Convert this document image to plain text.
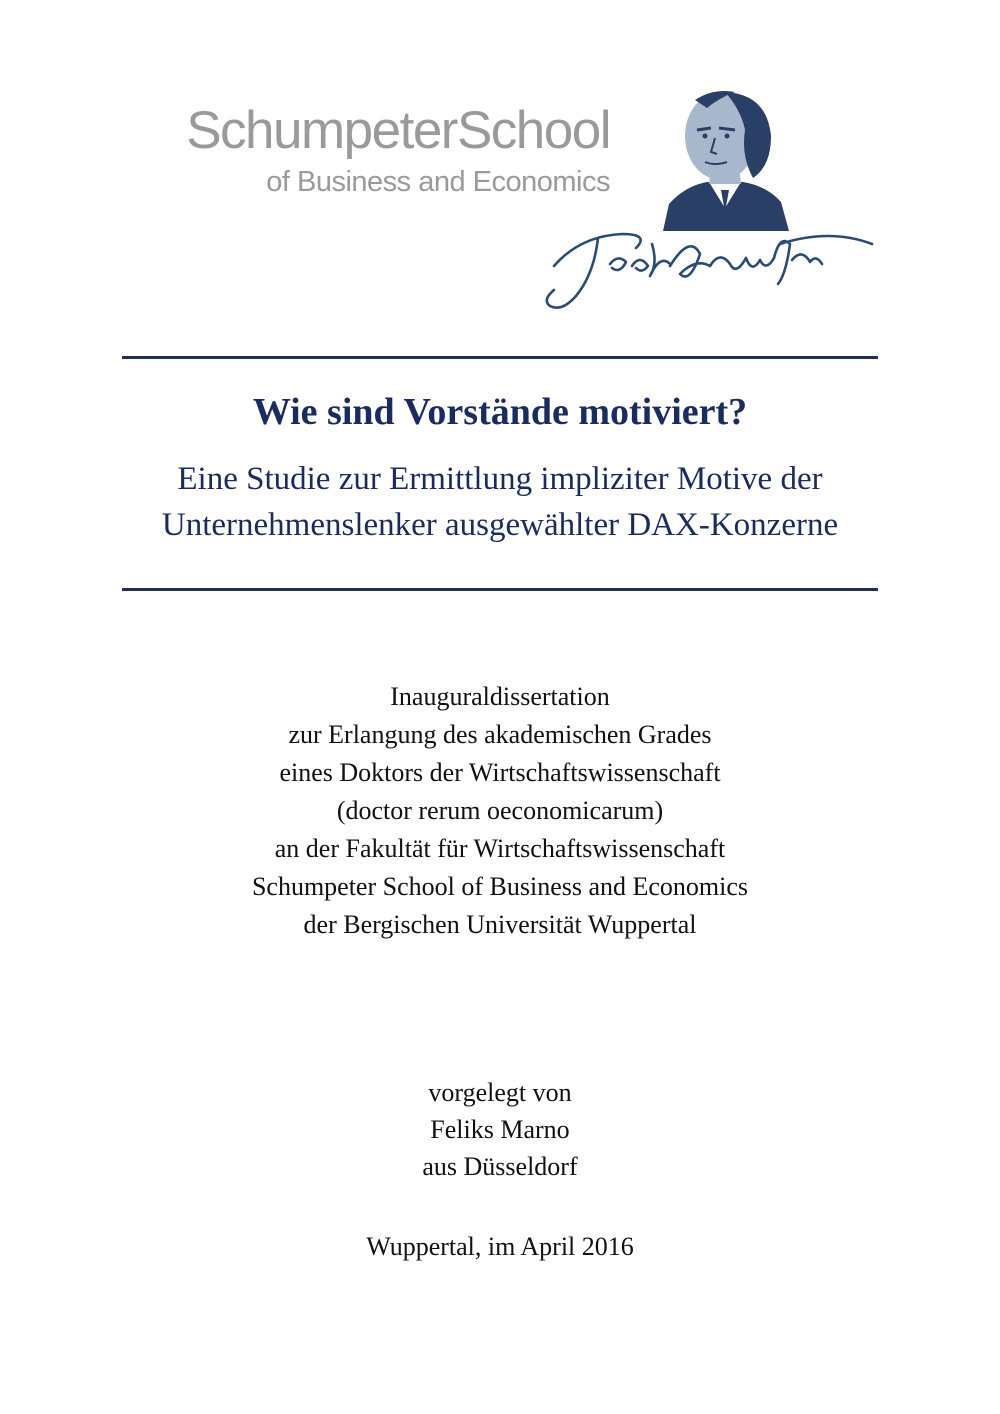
SchumpeterSchool
of Business and Economics
Wie sind Vorstände motiviert?
Eine Studie zur Ermittlung impliziter Motive der
Unternehmenslenker ausgewählter DAX-Konzerne
Inauguraldissertation
zur Erlangung des akademischen Grades
eines Doktors der Wirtschaftswissenschaft
(doctor rerum oeconomicarum)
an der Fakultät für Wirtschaftswissenschaft
Schumpeter School of Business and Economics
der Bergischen Universität Wuppertal
vorgelegt von
Feliks Marno
aus Düsseldorf
Wuppertal, im April 2016
